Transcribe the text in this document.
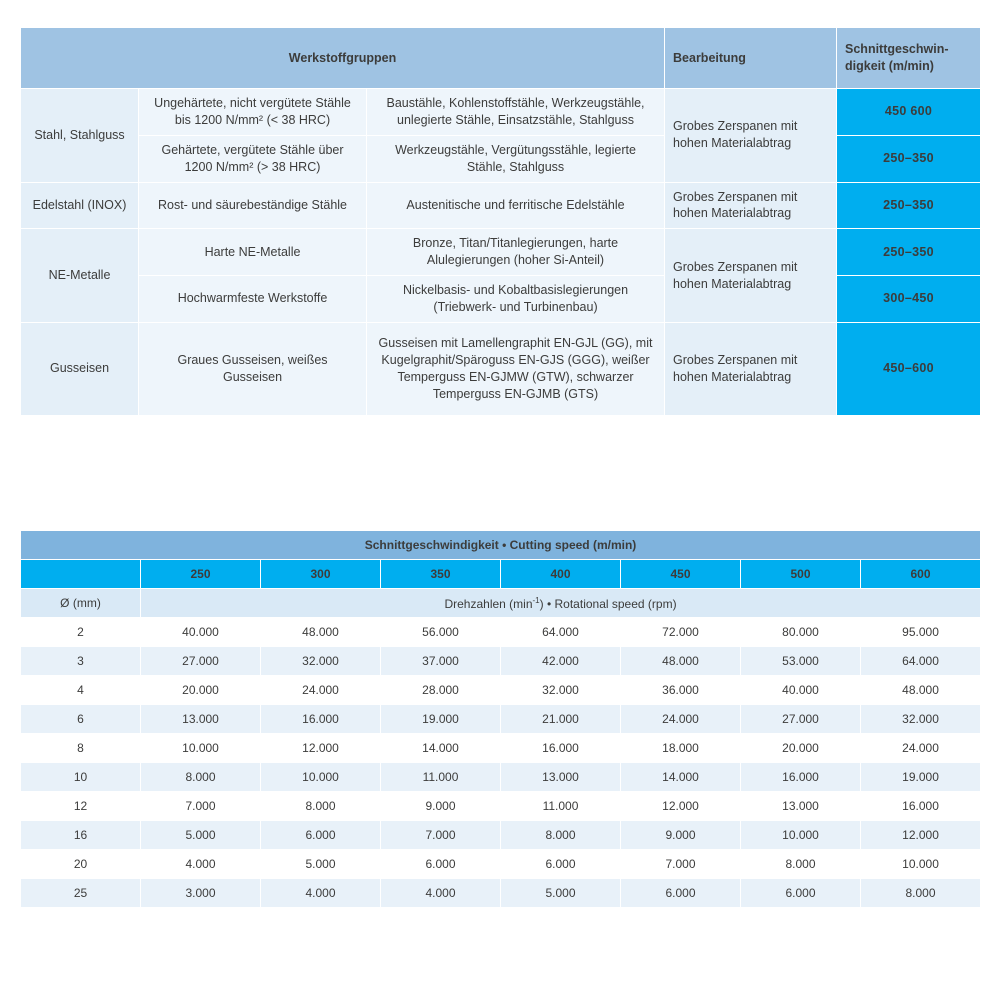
Werkstoffgruppen			Bearbeitung	Schnittgeschwin-
digkeit (m/min)
Stahl, Stahlguss	Ungehärtete, nicht vergütete Stähle bis 1200 N/mm² (< 38 HRC)	Baustähle, Kohlenstoffstähle, Werkzeugstähle, unlegierte Stähle, Einsatzstähle, Stahlguss	Grobes Zerspanen mit hohen Materialabtrag	450 600
	Gehärtete, vergütete Stähle über 1200 N/mm² (> 38 HRC)	Werkzeugstähle, Vergütungsstähle, legierte Stähle, Stahlguss		250–350
Edelstahl (INOX)	Rost- und säurebeständige Stähle	Austenitische und ferritische Edelstähle	Grobes Zerspanen mit hohen Materialabtrag	250–350
NE-Metalle	Harte NE-Metalle	Bronze, Titan/Titanlegierungen, harte Alulegierungen (hoher Si-Anteil)	Grobes Zerspanen mit hohen Materialabtrag	250–350
	Hochwarmfeste Werkstoffe	Nickelbasis- und Kobaltbasislegierungen (Triebwerk- und Turbinenbau)		300–450
Gusseisen	Graues Gusseisen, weißes Gusseisen	Gusseisen mit Lamellengraphit EN-GJL (GG), mit Kugelgraphit/Späroguss EN-GJS (GGG), weißer Temperguss EN-GJMW (GTW), schwarzer Temperguss EN-GJMB (GTS)	Grobes Zerspanen mit hohen Materialabtrag	450–600
Schnittgeschwindigkeit • Cutting speed (m/min)							
	250	300	350	400	450	500	600
Ø (mm)	Drehzahlen $(\min^{-1})$ • Rotational speed (rpm)						
2	40.000	48.000	56.000	64.000	72.000	80.000	95.000
3	27.000	32.000	37.000	42.000	48.000	53.000	64.000
4	20.000	24.000	28.000	32.000	36.000	40.000	48.000
6	13.000	16.000	19.000	21.000	24.000	27.000	32.000
8	10.000	12.000	14.000	16.000	18.000	20.000	24.000
10	8.000	10.000	11.000	13.000	14.000	16.000	19.000
12	7.000	8.000	9.000	11.000	12.000	13.000	16.000
16	5.000	6.000	7.000	8.000	9.000	10.000	12.000
20	4.000	5.000	6.000	6.000	7.000	8.000	10.000
25	3.000	4.000	4.000	5.000	6.000	6.000	8.000
